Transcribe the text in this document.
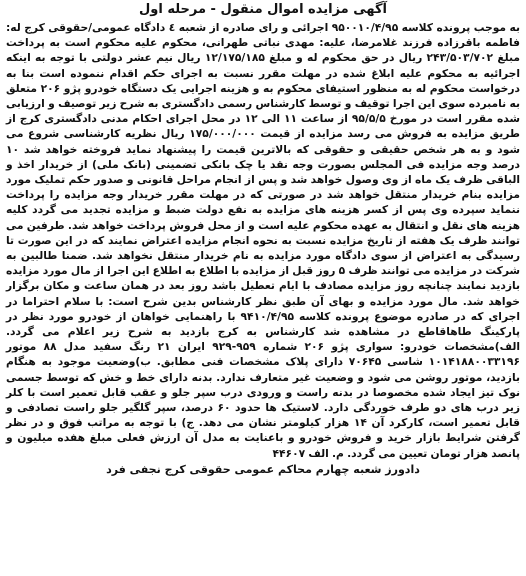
آگهی مزایده اموال منقول - مرحله اول

به موجب پرونده کلاسه ۹۵۰۰۱۰/۴/۹۵ اجرائی و رای صادره از شعبه ٤ دادگاه عمومی/حقوقی کرج له: فاطمه باقرزاده فرزند غلامرضا، علیه: مهدی نباتی طهرانی، محکوم علیه محکوم است به پرداخت مبلغ ۲۴۳/۵۰۳/۷۰۲ ریال در حق محکوم له و مبلغ ۱۲/۱۷۵/۱۸۵ ریال نیم عشر دولتی با توجه به اینکه اجرائیه به محکوم علیه ابلاغ شده در مهلت مقرر نسبت به اجرای حکم اقدام ننموده است بنا به درخواست محکوم له به منظور استیفای محکوم به و هزینه اجرایی یک دستگاه خودرو پژو ۲۰۶ متعلق به نامبرده سوی این اجرا توقیف و توسط کارشناس رسمی دادگستری به شرح زیر توصیف و ارزیابی شده مقرر است در مورخ ۹۵/۵/۵ از ساعت ۱۱ الی ۱۲ در محل اجرای احکام مدنی دادگستری کرج از طریق مزایده به فروش می رسد مزایده از قیمت ۱۷۵/۰۰۰/۰۰۰ ریال نظریه کارشناسی شروع می شود و به هر شخص حقیقی و حقوقی که بالاترین قیمت را پیشنهاد نماید فروخته خواهد شد ۱۰ درصد وجه مزایده فی المجلس بصورت وجه نقد یا چک بانکی تضمینی (بانک ملی) از خریدار اخذ و الباقی ظرف یک ماه از وی وصول خواهد شد و پس از انجام مراحل قانونی و صدور حکم تملیک مورد مزایده بنام خریدار منتقل خواهد شد در صورتی که در مهلت مقرر خریدار وجه مزایده را پرداخت ننماید سپرده وی پس از کسر هزینه های مزایده به نفع دولت ضبط و مزایده تجدید می گردد کلیه هزینه های نقل و انتقال به عهده محکوم علیه است و از محل فروش پرداخت خواهد شد. طرفین می توانند ظرف یک هفته از تاریخ مزایده نسبت به نحوه انجام مزایده اعتراض نمایند که در این صورت تا رسیدگی به اعتراض از سوی دادگاه مورد مزایده به نام خریدار منتقل نخواهد شد. ضمنا طالبین به شرکت در مزایده می توانند ظرف ۵ روز قبل از مزایده با اطلاع به اطلاع این اجرا از مال مورد مزایده بازدید نمایند چنانچه روز مزایده مصادف با ایام تعطیل باشد روز بعد در همان ساعت و مکان برگزار خواهد شد. مال مورد مزایده و بهای آن طبق نظر کارشناس بدین شرح است: با سلام احتراما در اجرای که در صادره موضوع پرونده کلاسه ۹۴۱۰/۴/۹۵ با راهنمایی خواهان از خودرو مورد نظر در پارکینگ طاهاقاطع در مشاهده شد کارشناس به کرج بازدید به شرح زیر اعلام می گردد. الف)مشخصات خودرو: سواری پژو ۲۰۶ شماره ۹۵۹-۹۲۹ ایران ۲۱ رنگ سفید مدل ۸۸ موتور ۱۰۱۴۱۸۸۰۰۳۳۱۹۶ شاسی ۷۰۶۴۵ دارای پلاک مشخصات فنی مطابق. ب)وضعیت موجود به هنگام بازدید، موتور روشن می شود و وضعیت غیر متعارف ندارد. بدنه دارای خط و خش که توسط جسمی نوک تیز ایجاد شده مخصوصا در بدنه راست و ورودی درب سپر جلو و عقب قابل تعمیر است با کلر زیر درب های دو طرف خوردگی دارد. لاستیک ها حدود ۶۰ درصد، سپر گلگیر جلو راست تصادفی و قابل تعمیر است، کارکرد آن ۱۴ هزار کیلومتر نشان می دهد. ج) با توجه به مراتب فوق و در نظر گرفتن شرایط بازار خرید و فروش خودرو و باعنایت به مدل آن ارزش فعلی مبلغ هفده میلیون و پانصد هزار تومان تعیین می گردد. م. الف ۴۴۶۰۷

دادورز شعبه چهارم محاکم عمومی حقوقی کرج نجفی فرد
